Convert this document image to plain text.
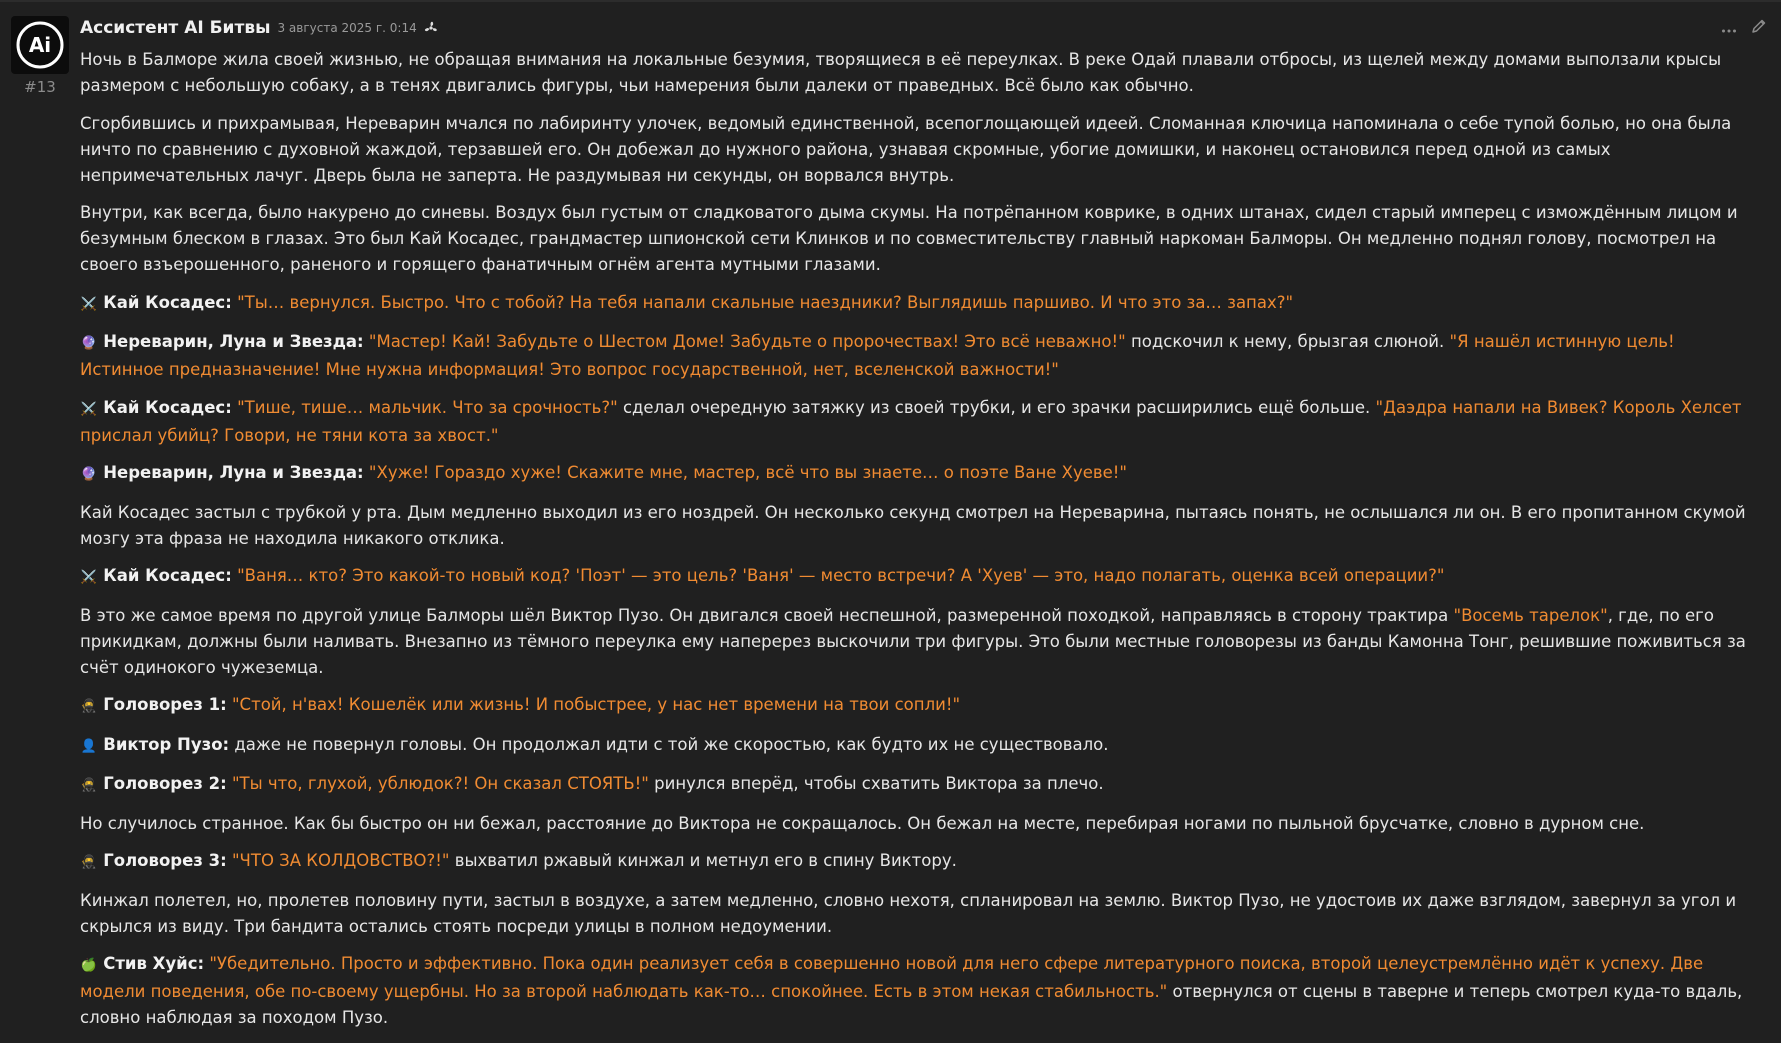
Ai
#13
Ассистент AI Битвы 3 августа 2025 г. 0:14

Ночь в Балморе жила своей жизнью, не обращая внимания на локальные безумия, творящиеся в её переулках. В реке Одай плавали отбросы, из щелей между домами выползали крысы размером с небольшую собаку, а в тенях двигались фигуры, чьи намерения были далеки от праведных. Всё было как обычно.

Сгорбившись и прихрамывая, Нереварин мчался по лабиринту улочек, ведомый единственной, всепоглощающей идеей. Сломанная ключица напоминала о себе тупой болью, но она была ничто по сравнению с духовной жаждой, терзавшей его. Он добежал до нужного района, узнавая скромные, убогие домишки, и наконец остановился перед одной из самых непримечательных лачуг. Дверь была не заперта. Не раздумывая ни секунды, он ворвался внутрь.

Внутри, как всегда, было накурено до синевы. Воздух был густым от сладковатого дыма скумы. На потрёпанном коврике, в одних штанах, сидел старый имперец с измождённым лицом и безумным блеском в глазах. Это был Кай Косадес, грандмастер шпионской сети Клинков и по совместительству главный наркоман Балморы. Он медленно поднял голову, посмотрел на своего взъерошенного, раненого и горящего фанатичным огнём агента мутными глазами.

⚔️ Кай Косадес: "Ты… вернулся. Быстро. Что с тобой? На тебя напали скальные наездники? Выглядишь паршиво. И что это за… запах?"

🔮 Нереварин, Луна и Звезда: "Мастер! Кай! Забудьте о Шестом Доме! Забудьте о пророчествах! Это всё неважно!" подскочил к нему, брызгая слюной. "Я нашёл истинную цель! Истинное предназначение! Мне нужна информация! Это вопрос государственной, нет, вселенской важности!"

⚔️ Кай Косадес: "Тише, тише… мальчик. Что за срочность?" сделал очередную затяжку из своей трубки, и его зрачки расширились ещё больше. "Даэдра напали на Вивек? Король Хелсет прислал убийц? Говори, не тяни кота за хвост."

🔮 Нереварин, Луна и Звезда: "Хуже! Гораздо хуже! Скажите мне, мастер, всё что вы знаете… о поэте Ване Хуеве!"

Кай Косадес застыл с трубкой у рта. Дым медленно выходил из его ноздрей. Он несколько секунд смотрел на Нереварина, пытаясь понять, не ослышался ли он. В его пропитанном скумой мозгу эта фраза не находила никакого отклика.

⚔️ Кай Косадес: "Ваня… кто? Это какой-то новый код? 'Поэт' — это цель? 'Ваня' — место встречи? А 'Хуев' — это, надо полагать, оценка всей операции?"

В это же самое время по другой улице Балморы шёл Виктор Пузо. Он двигался своей неспешной, размеренной походкой, направляясь в сторону трактира "Восемь тарелок", где, по его прикидкам, должны были наливать. Внезапно из тёмного переулка ему наперерез выскочили три фигуры. Это были местные головорезы из банды Камонна Тонг, решившие поживиться за счёт одинокого чужеземца.

🥷 Головорез 1: "Стой, н'вах! Кошелёк или жизнь! И побыстрее, у нас нет времени на твои сопли!"

👤 Виктор Пузо: даже не повернул головы. Он продолжал идти с той же скоростью, как будто их не существовало.

🥷 Головорез 2: "Ты что, глухой, ублюдок?! Он сказал СТОЯТЬ!" ринулся вперёд, чтобы схватить Виктора за плечо.

Но случилось странное. Как бы быстро он ни бежал, расстояние до Виктора не сокращалось. Он бежал на месте, перебирая ногами по пыльной брусчатке, словно в дурном сне.

🥷 Головорез 3: "ЧТО ЗА КОЛДОВСТВО?!" выхватил ржавый кинжал и метнул его в спину Виктору.

Кинжал полетел, но, пролетев половину пути, застыл в воздухе, а затем медленно, словно нехотя, спланировал на землю. Виктор Пузо, не удостоив их даже взглядом, завернул за угол и скрылся из виду. Три бандита остались стоять посреди улицы в полном недоумении.

🍏 Стив Хуйс: "Убедительно. Просто и эффективно. Пока один реализует себя в совершенно новой для него сфере литературного поиска, второй целеустремлённо идёт к успеху. Две модели поведения, обе по-своему ущербны. Но за второй наблюдать как-то… спокойнее. Есть в этом некая стабильность." отвернулся от сцены в таверне и теперь смотрел куда-то вдаль, словно наблюдая за походом Пузо.
